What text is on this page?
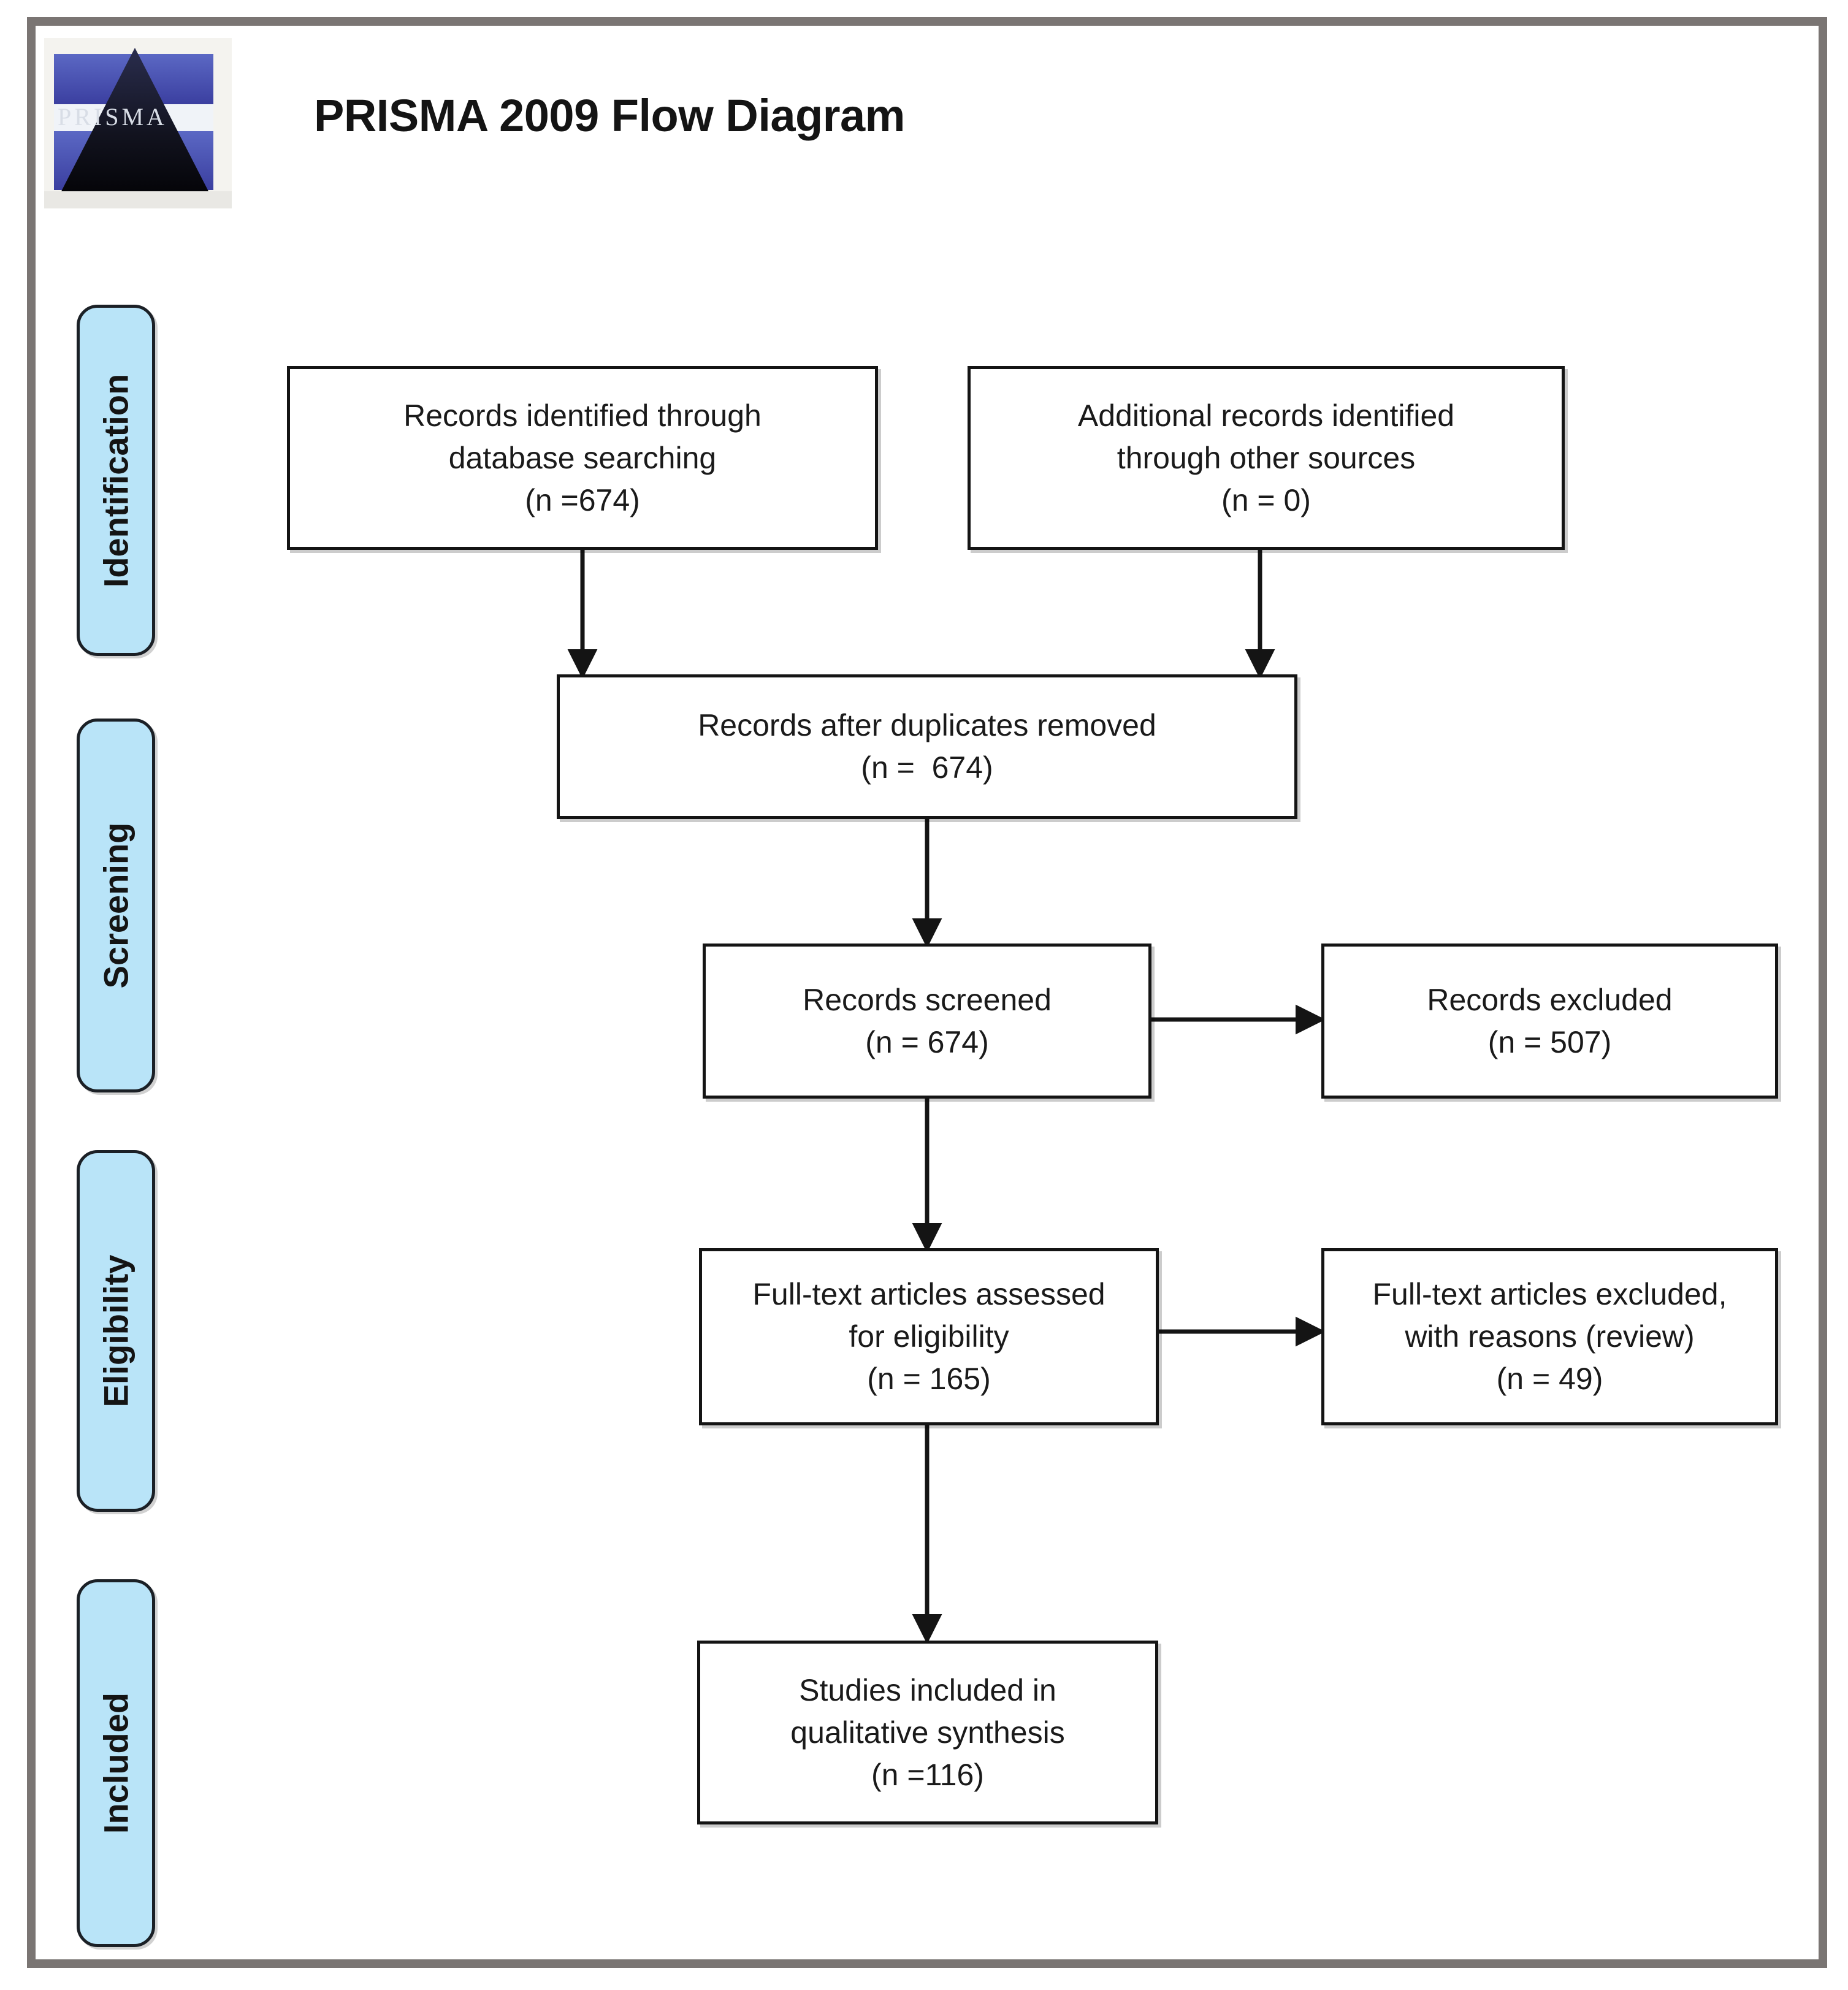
PRISMA	PRISMA 2009 Flow Diagram
Identification
Screening
Eligibility
Included
Records identified through
database searching
(n =674)
Additional records identified
through other sources
(n = 0)
Records after duplicates removed
(n =  674)
Records screened
(n = 674)
Records excluded
(n = 507)
Full-text articles assessed
for eligibility
(n = 165)
Full-text articles excluded,
with reasons (review)
(n = 49)
Studies included in
qualitative synthesis
(n =116)
